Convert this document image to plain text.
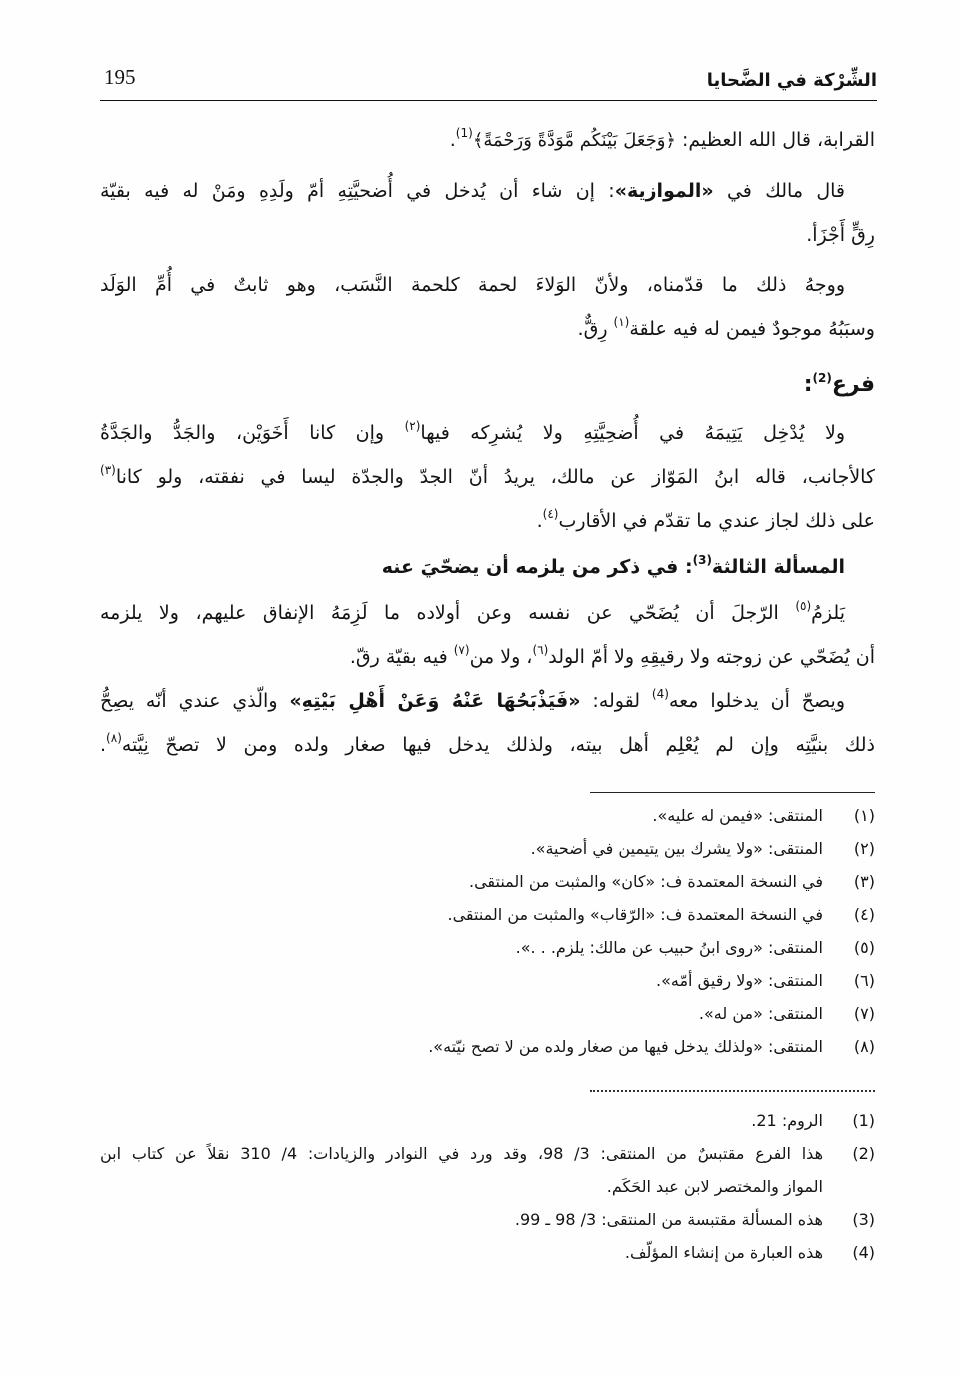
195	الشِّرْكة في الضَّحايا
القرابة، قال الله العظيم: ﴿وَجَعَلَ بَيْنَكُم مَّوَدَّةً وَرَحْمَةً﴾$^{(1)}$.
قال مالك في «الموازية»: إن شاء أن يُدخل في أُضحيَّتِهِ أمّ ولَدِهِ ومَنْ له فيه بقيّة
رِقٍّ أَجْزَأ.
ووجهُ ذلك ما قدّمناه، ولأنّ الوَلاءَ لحمة كلحمة النَّسَب، وهو ثابتٌ في أُمِّ الوَلَد
وسبَبُهُ موجودٌ فيمن له فيه علقة$^{(١)}$ رِقٌّ.
فرع$^{(2)}$:
ولا يُدْخِل يَتِيمَهُ في أُضحِيَّتِهِ ولا يُشرِكه فيها$^{(٢)}$ وإن كانا أَخَوَيْن، والجَدُّ والجَدَّةُ
كالأجانب، قاله ابنُ المَوّاز عن مالك، يريدُ أنّ الجدّ والجدّة ليسا في نفقته، ولو كانا$^{(٣)}$
على ذلك لجاز عندي ما تقدّم في الأقارب$^{(٤)}$.
المسألة الثالثة$^{(3)}$: في ذكر من يلزمه أن يضحّيَ عنه
يَلزمُ$^{(٥)}$ الرّجلَ أن يُضَحّي عن نفسه وعن أولاده ما لَزِمَهُ الإنفاق عليهم، ولا يلزمه
أن يُضَحّي عن زوجته ولا رقيقِهِ ولا أمّ الولد$^{(٦)}$، ولا من$^{(٧)}$ فيه بقيّة رقّ.
ويصحّ أن يدخلوا معه$^{(4)}$ لقوله: «فَيَذْبَحُهَا عَنْهُ وَعَنْ أَهْلِ بَيْتِهِ» والّذي عندي أنّه يصِحُّ
ذلك بنيَّتِه وإن لم يُعْلِم أهل بيته، ولذلك يدخل فيها صغار ولده ومن لا تصحّ نِيَّته$^{(٨)}$.
(١)
المنتقى: «فيمن له عليه».
(٢)
المنتقى: «ولا يشرك بين يتيمين في أضحية».
(٣)
في النسخة المعتمدة ف: «كان» والمثبت من المنتقى.
(٤)
في النسخة المعتمدة ف: «الرّقاب» والمثبت من المنتقى.
(٥)
المنتقى: «روى ابنُ حبيب عن مالك: يلزم. . .».
(٦)
المنتقى: «ولا رقيق أمّه».
(٧)
المنتقى: «من له».
(٨)
المنتقى: «ولذلك يدخل فيها من صغار ولده من لا تصح نيّته».
(1)
الروم: 21.
(2)
هذا الفرع مقتبسٌ من المنتقى: 3/ 98، وقد ورد في النوادر والزيادات: 4/ 310 نقلاً عن كتاب ابن
المواز والمختصر لابن عبد الحَكَم.
(3)
هذه المسألة مقتبسة من المنتقى: 3/ 98 ـ 99.
(4)
هذه العبارة من إنشاء المؤلّف.
